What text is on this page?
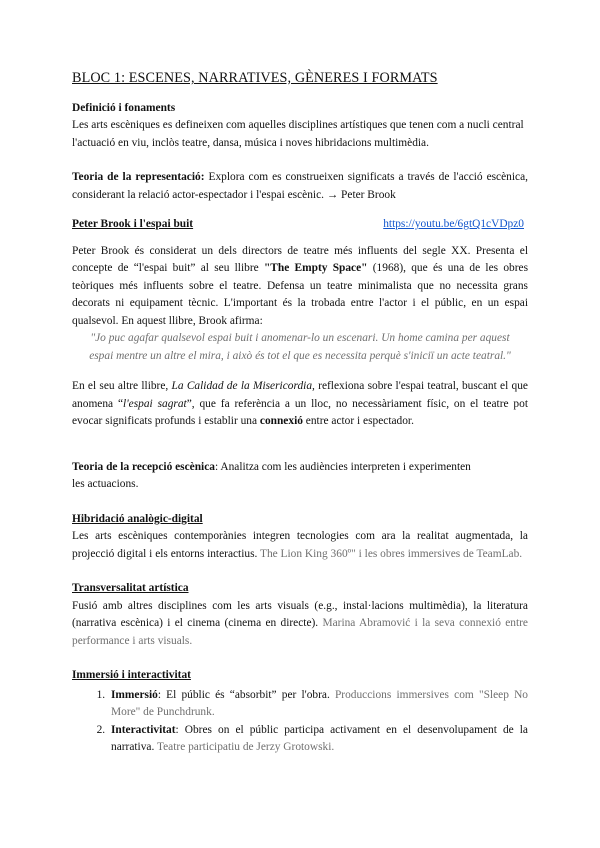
BLOC 1: ESCENES, NARRATIVES, GÈNERES I FORMATS

Definició i fonaments
Les arts escèniques es defineixen com aquelles disciplines artístiques que tenen com a nucli central l'actuació en viu, inclòs teatre, dansa, música i noves hibridacions multimèdia.

Teoria de la representació: Explora com es construeixen significats a través de l'acció escènica, considerant la relació actor-espectador i l'espai escènic. → Peter Brook

Peter Brook i l'espai buit	https://youtu.be/6gtQ1cVDpz0

Peter Brook és considerat un dels directors de teatre més influents del segle XX. Presenta el concepte de “l'espai buit” al seu llibre "The Empty Space" (1968), que és una de les obres teòriques més influents sobre el teatre. Defensa un teatre minimalista que no necessita grans decorats ni equipament tècnic. L'important és la trobada entre l'actor i el públic, en un espai qualsevol. En aquest llibre, Brook afirma:

"Jo puc agafar qualsevol espai buit i anomenar-lo un escenari. Un home camina per aquest
espai mentre un altre el mira, i això és tot el que es necessita perquè s'iniciï un acte teatral."

En el seu altre llibre, La Calidad de la Misericordia, reflexiona sobre l'espai teatral, buscant el que anomena “l'espai sagrat”, que fa referència a un lloc, no necessàriament físic, on el teatre pot evocar significats profunds i establir una connexió entre actor i espectador.

Teoria de la recepció escènica: Analitza com les audiències interpreten i experimenten
les actuacions.

Hibridació analògic-digital
Les arts escèniques contemporànies integren tecnologies com ara la realitat augmentada, la projecció digital i els entorns interactius. The Lion King 360º" i les obres immersives de TeamLab.

Transversalitat artística
Fusió amb altres disciplines com les arts visuals (e.g., instal·lacions multimèdia), la literatura (narrativa escènica) i el cinema (cinema en directe). Marina Abramović i la seva connexió entre performance i arts visuals.

Immersió i interactivitat
1. Immersió: El públic és “absorbit” per l'obra. Produccions immersives com "Sleep No More" de Punchdrunk.
2. Interactivitat: Obres on el públic participa activament en el desenvolupament de la narrativa. Teatre participatiu de Jerzy Grotowski.
